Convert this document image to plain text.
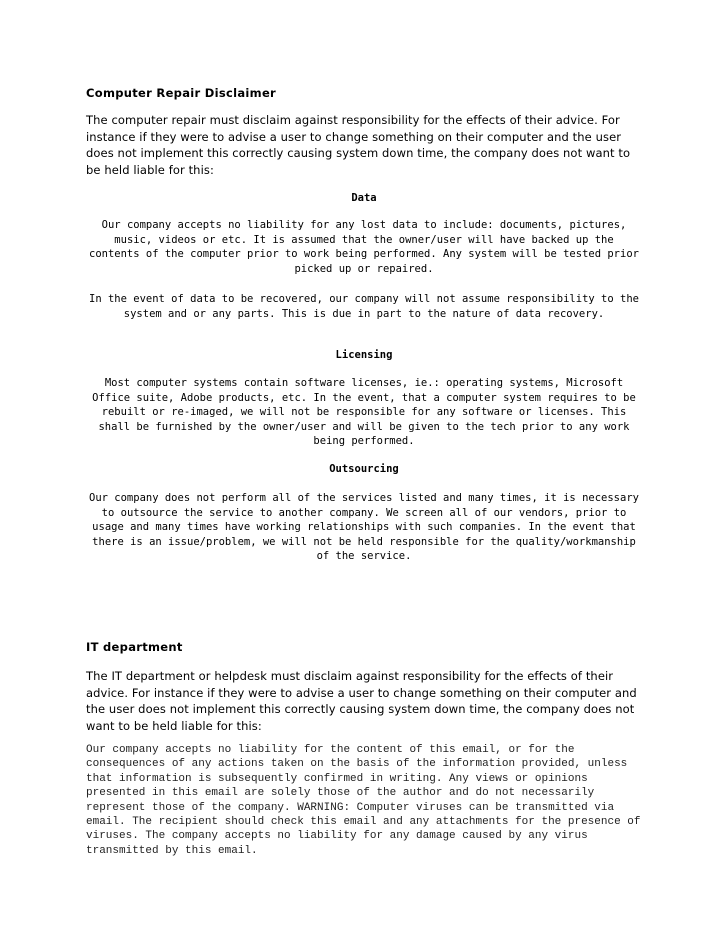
Computer Repair Disclaimer

The computer repair must disclaim against responsibility for the effects of their advice. For instance if they were to advise a user to change something on their computer and the user does not implement this correctly causing system down time, the company does not want to be held liable for this:

Data

Our company accepts no liability for any lost data to include: documents, pictures, music, videos or etc. It is assumed that the owner/user will have backed up the contents of the computer prior to work being performed. Any system will be tested prior picked up or repaired.

In the event of data to be recovered, our company will not assume responsibility to the system and or any parts. This is due in part to the nature of data recovery.

Licensing

Most computer systems contain software licenses, ie.: operating systems, Microsoft Office suite, Adobe products, etc. In the event, that a computer system requires to be rebuilt or re-imaged, we will not be responsible for any software or licenses. This shall be furnished by the owner/user and will be given to the tech prior to any work being performed.

Outsourcing

Our company does not perform all of the services listed and many times, it is necessary to outsource the service to another company. We screen all of our vendors, prior to usage and many times have working relationships with such companies. In the event that there is an issue/problem, we will not be held responsible for the quality/workmanship of the service.

IT department

The IT department or helpdesk must disclaim against responsibility for the effects of their advice. For instance if they were to advise a user to change something on their computer and the user does not implement this correctly causing system down time, the company does not want to be held liable for this:

Our company accepts no liability for the content of this email, or for the consequences of any actions taken on the basis of the information provided, unless that information is subsequently confirmed in writing. Any views or opinions presented in this email are solely those of the author and do not necessarily represent those of the company. WARNING: Computer viruses can be transmitted via email. The recipient should check this email and any attachments for the presence of viruses. The company accepts no liability for any damage caused by any virus transmitted by this email.
